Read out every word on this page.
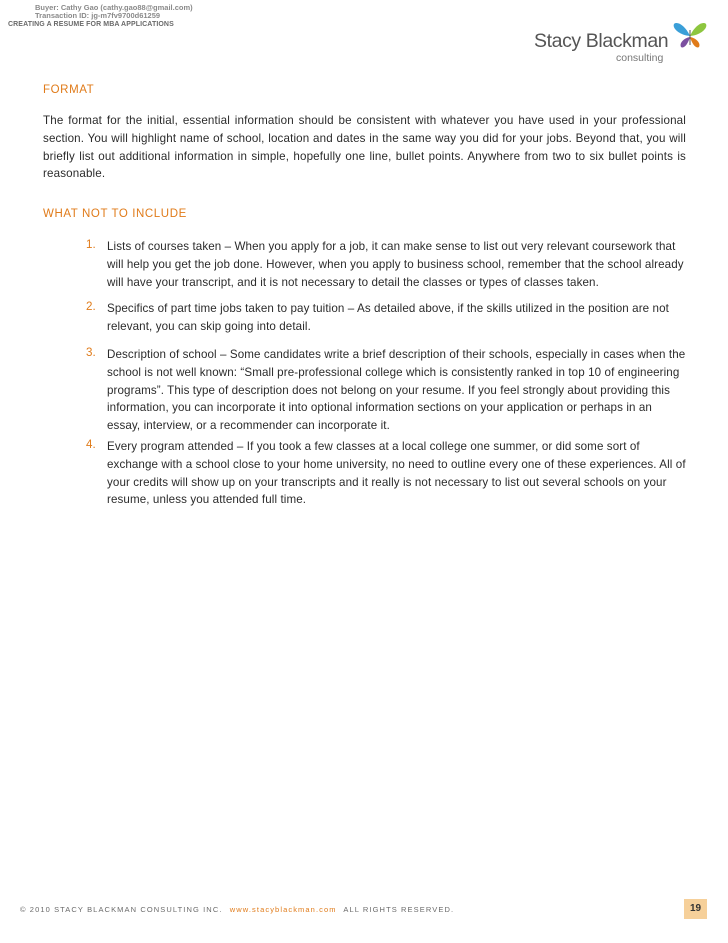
Buyer: Cathy Gao (cathy.gao88@gmail.com)
Transaction ID: jg-m7fv9700d61259
CREATING A RESUME FOR MBA APPLICATIONS
Stacy Blackman
consulting
FORMAT

The format for the initial, essential information should be consistent with whatever you have used in your professional section. You will highlight name of school, location and dates in the same way you did for your jobs. Beyond that, you will briefly list out additional information in simple, hopefully one line, bullet points. Anywhere from two to six bullet points is reasonable.

WHAT NOT TO INCLUDE
1. Lists of courses taken – When you apply for a job, it can make sense to list out very relevant coursework that will help you get the job done. However, when you apply to business school, remember that the school already will have your transcript, and it is not necessary to detail the classes or types of classes taken.
2. Specifics of part time jobs taken to pay tuition – As detailed above, if the skills utilized in the position are not relevant, you can skip going into detail.
3. Description of school – Some candidates write a brief description of their schools, especially in cases when the school is not well known: “Small pre-professional college which is consistently ranked in top 10 of engineering programs”. This type of description does not belong on your resume. If you feel strongly about providing this information, you can incorporate it into optional information sections on your application or perhaps in an essay, interview, or a recommender can incorporate it.
4. Every program attended – If you took a few classes at a local college one summer, or did some sort of exchange with a school close to your home university, no need to outline every one of these experiences. All of your credits will show up on your transcripts and it really is not necessary to list out several schools on your resume, unless you attended full time.
© 2010 STACY BLACKMAN CONSULTING INC. www.stacyblackman.com ALL RIGHTS RESERVED.	19
